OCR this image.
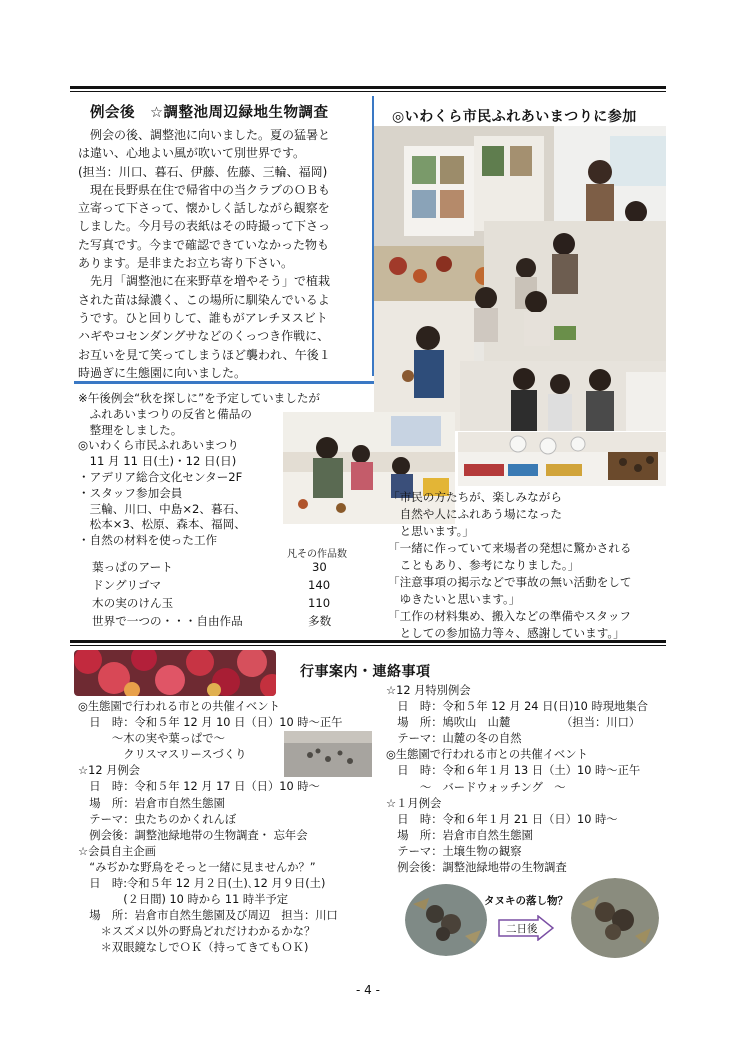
例会後　☆調整池周辺緑地生物調査
　例会の後、調整池に向いました。夏の猛暑と
は違い、心地よい風が吹いて別世界です。
(担当：川口、暮石、伊藤、佐藤、三輪、福岡)
　現在長野県在住で帰省中の当クラブのＯＢも
立寄って下さって、懐かしく話しながら観察を
しました。今月号の表紙はその時撮って下さっ
た写真です。今まで確認できていなかった物も
あります。是非またお立ち寄り下さい。
　先月「調整池に在来野草を増やそう」で植栽
された苗は緑濃く、この場所に馴染んでいるよ
うです。ひと回りして、誰もがアレチヌスビト
ハギやコセンダングサなどのくっつき作戦に、
お互いを見て笑ってしまうほど襲われ、午後１
時過ぎに生態園に向いました。
◎いわくら市民ふれあいまつりに参加
※午後例会“秋を探しに”を予定していましたが
　ふれあいまつりの反省と備品の
　整理をしました。
◎いわくら市民ふれあいまつり
　11 月 11 日(土)・12 日(日)
・アデリア総合文化センター2F
・スタッフ参加会員
　三輪、川口、中島×2、暮石、
　松本×3、松原、森本、福岡、
・自然の材料を使った工作
凡その作品数
葉っぱのアート	30
ドングリゴマ	140
木の実のけん玉	110
世界で一つの・・・自由作品	多数
「市民の方たちが、楽しみながら
　自然や人にふれあう場になった
　と思います。」
「一緒に作っていて来場者の発想に驚かされる
　こともあり、参考になりました。」
「注意事項の掲示などで事故の無い活動をして
　ゆきたいと思います。」
「工作の材料集め、搬入などの準備やスタッフ
　としての参加協力等々、感謝しています。」
行事案内・連絡事項
◎生態園で行われる市との共催イベント
　日　時：令和５年 12 月 10 日（日）10 時～正午
　　　～木の実や葉っぱで～
　　　　クリスマスリースづくり
☆12 月例会
　日　時：令和５年 12 月 17 日（日）10 時～
　場　所：岩倉市自然生態園
　テーマ：虫たちのかくれんぼ
　例会後：調整池緑地帯の生物調査・ 忘年会
☆会員自主企画
　“みぢかな野鳥をそっと一緒に見ませんか？”
　日　時:令和５年 12 月２日(土)､12 月９日(土)
　　　　(２日間) 10 時から 11 時半予定
　場　所：岩倉市自然生態園及び周辺　担当：川口
　　＊スズメ以外の野鳥どれだけわかるかな？
　　＊双眼鏡なしでＯＫ（持ってきてもＯＫ)
☆12 月特別例会
　日　時：令和５年 12 月 24 日(日)10 時現地集合
　場　所：鳩吹山　山麓　　　　　（担当：川口）
　テーマ：山麓の冬の自然
◎生態園で行われる市との共催イベント
　日　時：令和６年１月 13 日（土）10 時～正午
　　　～　バードウォッチング　～
☆１月例会
　日　時：令和６年１月 21 日（日）10 時～
　場　所：岩倉市自然生態園
　テーマ：土壌生物の観察
　例会後：調整池緑地帯の生物調査
タヌキの落し物？
二日後
- 4 -
